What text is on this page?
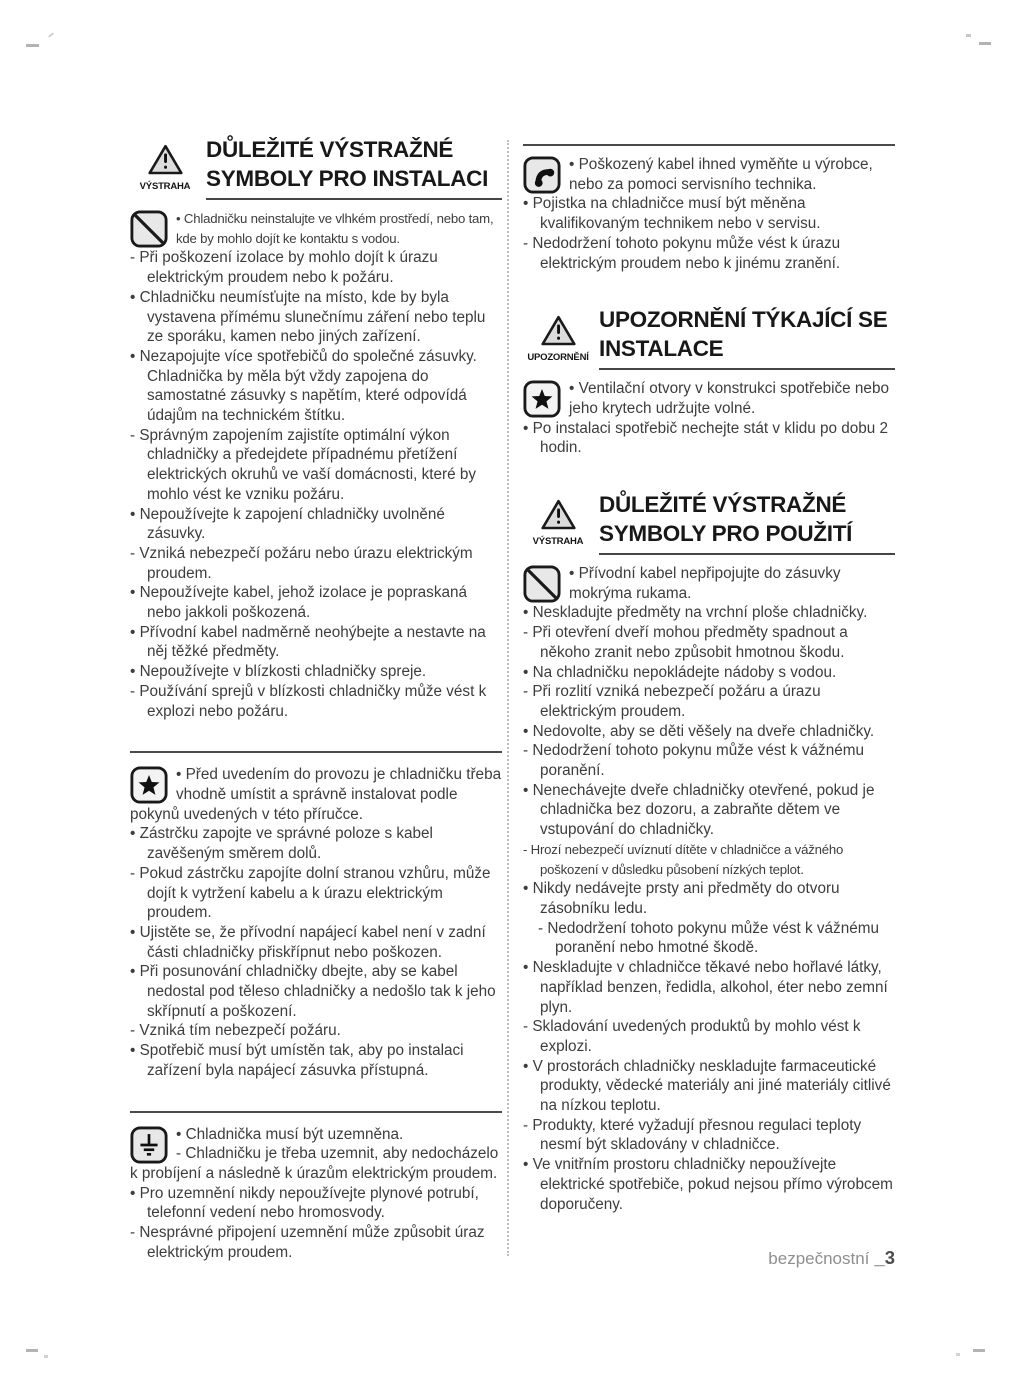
VÝSTRAHA
DŮLEŽITÉ VÝSTRAŽNÉ
SYMBOLY PRO INSTALACI

• Chladničku neinstalujte ve vlhkém prostředí, nebo tam, kde by mohlo dojít ke kontaktu s vodou.

- Při poškození izolace by mohlo dojít k úrazu elektrickým proudem nebo k požáru.

• Chladničku neumísťujte na místo, kde by byla vystavena přímému slunečnímu záření nebo teplu ze sporáku, kamen nebo jiných zařízení.

• Nezapojujte více spotřebičů do společné zásuvky. Chladnička by měla být vždy zapojena do samostatné zásuvky s napětím, které odpovídá údajům na technickém štítku.

- Správným zapojením zajistíte optimální výkon chladničky a předejdete případnému přetížení elektrických okruhů ve vaší domácnosti, které by mohlo vést ke vzniku požáru.

• Nepoužívejte k zapojení chladničky uvolněné zásuvky.

- Vzniká nebezpečí požáru nebo úrazu elektrickým proudem.

• Nepoužívejte kabel, jehož izolace je popraskaná nebo jakkoli poškozená.

• Přívodní kabel nadměrně neohýbejte a nestavte na něj těžké předměty.

• Nepoužívejte v blízkosti chladničky spreje.

- Používání sprejů v blízkosti chladničky může vést k explozi nebo požáru.

• Před uvedením do provozu je chladničku třeba vhodně umístit a správně instalovat podle pokynů uvedených v této příručce.

• Zástrčku zapojte ve správné poloze s kabel zavěšeným směrem dolů.

- Pokud zástrčku zapojíte dolní stranou vzhůru, může dojít k vytržení kabelu a k úrazu elektrickým proudem.

• Ujistěte se, že přívodní napájecí kabel není v zadní části chladničky přiskřípnut nebo poškozen.

• Při posunování chladničky dbejte, aby se kabel nedostal pod těleso chladničky a nedošlo tak k jeho skřípnutí a poškození.

- Vzniká tím nebezpečí požáru.

• Spotřebič musí být umístěn tak, aby po instalaci zařízení byla napájecí zásuvka přístupná.

• Chladnička musí být uzemněna.

- Chladničku je třeba uzemnit, aby nedocházelo k probíjení a následně k úrazům elektrickým proudem.

• Pro uzemnění nikdy nepoužívejte plynové potrubí, telefonní vedení nebo hromosvody.

- Nesprávné připojení uzemnění může způsobit úraz elektrickým proudem.

• Poškozený kabel ihned vyměňte u výrobce, nebo za pomoci servisního technika.

• Pojistka na chladničce musí být měněna kvalifikovaným technikem nebo v servisu.

- Nedodržení tohoto pokynu může vést k úrazu elektrickým proudem nebo k jinému zranění.

UPOZORNĚNÍ
UPOZORNĚNÍ TÝKAJÍCÍ SE
INSTALACE

• Ventilační otvory v konstrukci spotřebiče nebo jeho krytech udržujte volné.

• Po instalaci spotřebič nechejte stát v klidu po dobu 2 hodin.

VÝSTRAHA
DŮLEŽITÉ VÝSTRAŽNÉ
SYMBOLY PRO POUŽITÍ

• Přívodní kabel nepřipojujte do zásuvky mokrýma rukama.

• Neskladujte předměty na vrchní ploše chladničky.

- Při otevření dveří mohou předměty spadnout a někoho zranit nebo způsobit hmotnou škodu.

• Na chladničku nepokládejte nádoby s vodou.

- Při rozlití vzniká nebezpečí požáru a úrazu elektrickým proudem.

• Nedovolte, aby se děti věšely na dveře chladničky.

- Nedodržení tohoto pokynu může vést k vážnému poranění.

• Nenechávejte dveře chladničky otevřené, pokud je chladnička bez dozoru, a zabraňte dětem ve vstupování do chladničky.

- Hrozí nebezpečí uvíznutí dítěte v chladničce a vážného poškození v důsledku působení nízkých teplot.

• Nikdy nedávejte prsty ani předměty do otvoru zásobníku ledu.

- Nedodržení tohoto pokynu může vést k vážnému poranění nebo hmotné škodě.

• Neskladujte v chladničce těkavé nebo hořlavé látky, například benzen, ředidla, alkohol, éter nebo zemní plyn.

- Skladování uvedených produktů by mohlo vést k explozi.

• V prostorách chladničky neskladujte farmaceutické produkty, vědecké materiály ani jiné materiály citlivé na nízkou teplotu.

- Produkty, které vyžadují přesnou regulaci teploty nesmí být skladovány v chladničce.

• Ve vnitřním prostoru chladničky nepoužívejte elektrické spotřebiče, pokud nejsou přímo výrobcem doporučeny.

bezpečnostní _3
